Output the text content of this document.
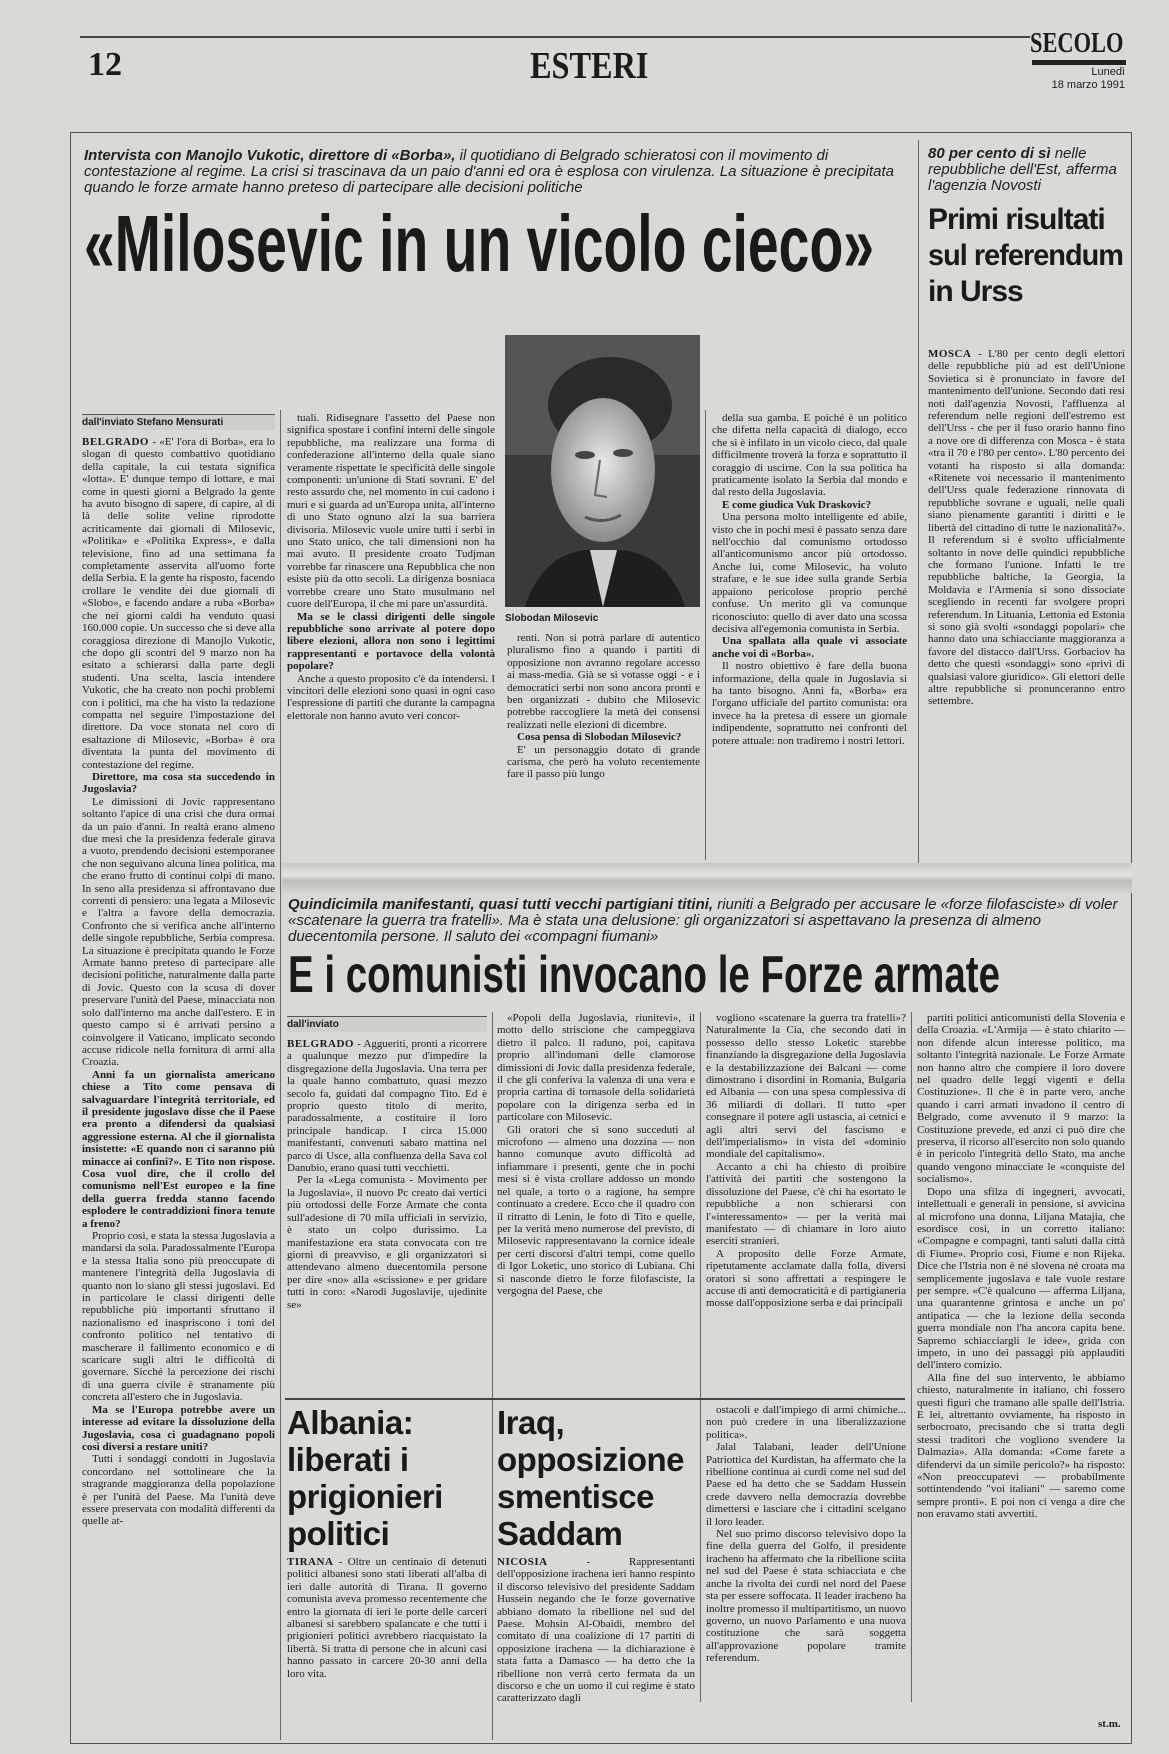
12	ESTERI
SECOLO
Lunedì
18 marzo 1991
Intervista con Manojlo Vukotic, direttore di «Borba», il quotidiano di Belgrado schieratosi con il movimento di contestazione al regime. La crisi si trascinava da un paio d'anni ed ora è esplosa con virulenza. La situazione è precipitata quando le forze armate hanno preteso di partecipare alle decisioni politiche
«Milosevic in un vicolo cieco»
Slobodan Milosevic
dall'inviato Stefano Mensurati

BELGRADO - «E' l'ora di Borba», era lo slogan di questo combattivo quotidiano della capitale, la cui testata significa «lotta». E' dunque tempo di lottare, e mai come in questi giorni a Belgrado la gente ha avuto bisogno di sapere, di capire, al di là delle solite veline riprodotte acriticamente dai giornali di Milosevic, «Politika» e «Politika Express», e dalla televisione, fino ad una settimana fa completamente asservita all'uomo forte della Serbia. E la gente ha risposto, facendo crollare le vendite dei due giornali di «Slobo», e facendo andare a ruba «Borba» che nei giorni caldi ha venduto quasi 160.000 copie. Un successo che si deve alla coraggiosa direzione di Manojlo Vukotic, che dopo gli scontri del 9 marzo non ha esitato a schierarsi dalla parte degli studenti. Una scelta, lascia intendere Vukotic, che ha creato non pochi problemi con i politici, ma che ha visto la redazione compatta nel seguire l'impostazione del direttore. Da voce stonata nel coro di esaltazione di Milosevic, «Borba» è ora diventata la punta del movimento di contestazione del regime.

Direttore, ma cosa sta succedendo in Jugoslavia?

Le dimissioni di Jovic rappresentano soltanto l'apice di una crisi che dura ormai da un paio d'anni. In realtà erano almeno due mesi che la presidenza federale girava a vuoto, prendendo decisioni estemporanee che non seguivano alcuna linea politica, ma che erano frutto di continui colpi di mano. In seno alla presidenza si affrontavano due correnti di pensiero: una legata a Milosevic e l'altra a favore della democrazia. Confronto che si verifica anche all'interno delle singole repubbliche, Serbia compresa. La situazione è precipitata quando le Forze Armate hanno preteso di partecipare alle decisioni politiche, naturalmente dalla parte di Jovic. Questo con la scusa di dover preservare l'unità del Paese, minacciata non solo dall'interno ma anche dall'estero. E in questo campo si è arrivati persino a coinvolgere il Vaticano, implicato secondo accuse ridicole nella fornitura di armi alla Croazia.

Anni fa un giornalista americano chiese a Tito come pensava di salvaguardare l'integrità territoriale, ed il presidente jugoslavo disse che il Paese era pronto a difendersi da qualsiasi aggressione esterna. Al che il giornalista insistette: «E quando non ci saranno più minacce ai confini?». E Tito non rispose. Cosa vuol dire, che il crollo del comunismo nell'Est europeo e la fine della guerra fredda stanno facendo esplodere le contraddizioni finora tenute a freno?

Proprio così, e stata la stessa Jugoslavia a mandarsi da sola. Paradossalmente l'Europa e la stessa Italia sono più preoccupate di mantenere l'integrità della Jugoslavia di quanto non lo siano gli stessi jugoslavi. Ed in particolare le classi dirigenti delle repubbliche più importanti sfruttano il nazionalismo ed inaspriscono i toni del confronto politico nel tentativo di mascherare il fallimento economico e di scaricare sugli altri le difficoltà di governare. Sicché la percezione dei rischi di una guerra civile è stranamente più concreta all'estero che in Jugoslavia.

Ma se l'Europa potrebbe avere un interesse ad evitare la dissoluzione della Jugoslavia, cosa ci guadagnano popoli così diversi a restare uniti?

Tutti i sondaggi condotti in Jugoslavia concordano nel sottolineare che la stragrande maggioranza della popolazione è per l'unità del Paese. Ma l'unità deve essere preservata con modalità differenti da quelle at-

tuali. Ridisegnare l'assetto del Paese non significa spostare i confini interni delle singole repubbliche, ma realizzare una forma di confederazione all'interno della quale siano veramente rispettate le specificità delle singole componenti: un'unione di Stati sovrani. E' del resto assurdo che, nel momento in cui cadono i muri e si guarda ad un'Europa unita, all'interno di uno Stato ognuno alzi la sua barriera divisoria. Milosevic vuole unire tutti i serbi in uno Stato unico, che tali dimensioni non ha mai avuto. Il presidente croato Tudjman vorrebbe far rinascere una Repubblica che non esiste più da otto secoli. La dirigenza bosniaca vorrebbe creare uno Stato musulmano nel cuore dell'Europa, il che mi pare un'assurdità.

Ma se le classi dirigenti delle singole repubbliche sono arrivate al potere dopo libere elezioni, allora non sono i legittimi rappresentanti e portavoce della volontà popolare?

Anche a questo proposito c'è da intendersi. I vincitori delle elezioni sono quasi in ogni caso l'espressione di partiti che durante la campagna elettorale non hanno avuto veri concor-

renti. Non si potrà parlare di autentico pluralismo fino a quando i partiti di opposizione non avranno regolare accesso ai mass-media. Già se si votasse oggi - e i democratici serbi non sono ancora pronti e ben organizzati - dubito che Milosevic potrebbe raccogliere la metà dei consensi realizzati nelle elezioni di dicembre.

Cosa pensa di Slobodan Milosevic?

E' un personaggio dotato di grande carisma, che però ha voluto recentemente fare il passo più lungo

della sua gamba. E poiché è un politico che difetta nella capacità di dialogo, ecco che si è infilato in un vicolo cieco, dal quale difficilmente troverà la forza e soprattutto il coraggio di uscirne. Con la sua politica ha praticamente isolato la Serbia dal mondo e dal resto della Jugoslavia.

E come giudica Vuk Draskovic?

Una persona molto intelligente ed abile, visto che in pochi mesi è passato senza dare nell'occhio dal comunismo ortodosso all'anticomunismo ancor più ortodosso. Anche lui, come Milosevic, ha voluto strafare, e le sue idee sulla grande Serbia appaiono pericolose proprio perché confuse. Un merito gli va comunque riconosciuto: quello di aver dato una scossa decisiva all'egemonia comunista in Serbia.

Una spallata alla quale vi associate anche voi di «Borba».

Il nostro obiettivo è fare della buona informazione, della quale in Jugoslavia si ha tanto bisogno. Anni fa, «Borba» era l'organo ufficiale del partito comunista: ora invece ha la pretesa di essere un giornale indipendente, soprattutto nei confronti del potere attuale: non tradiremo i nostri lettori.

80 per cento di sì nelle repubbliche dell'Est, afferma l'agenzia Novosti
Primi risultati
sul referendum
in Urss

MOSCA - L'80 per cento degli elettori delle repubbliche più ad est dell'Unione Sovietica si è pronunciato in favore del mantenimento dell'unione. Secondo dati resi noti dall'agenzia Novosti, l'affluenza al referendum nelle regioni dell'estremo est dell'Urss - che per il fuso orario hanno fino a nove ore di differenza con Mosca - è stata «tra il 70 e l'80 per cento». L'80 percento dei votanti ha risposto sì alla domanda: «Ritenete voi necessario il mantenimento dell'Urss quale federazione rinnovata di repubbliche sovrane e uguali, nelle quali siano pienamente garantiti i diritti e le libertà del cittadino di tutte le nazionalità?». Il referendum si è svolto ufficialmente soltanto in nove delle quindici repubbliche che formano l'unione. Infatti le tre repubbliche baltiche, la Georgia, la Moldavia e l'Armenia si sono dissociate scegliendo in recenti far svolgere propri referendum. In Lituania, Lettonia ed Estonia si sono già svolti «sondaggi popolari» che hanno dato una schiacciante maggioranza a favore del distacco dall'Urss. Gorbaciov ha detto che questi «sondaggi» sono «privi di qualsiasi valore giuridico». Gli elettori delle altre repubbliche si pronunceranno entro settembre.

Quindicimila manifestanti, quasi tutti vecchi partigiani titini, riuniti a Belgrado per accusare le «forze filofasciste» di voler «scatenare la guerra tra fratelli». Ma è stata una delusione: gli organizzatori si aspettavano la presenza di almeno duecentomila persone. Il saluto dei «compagni fiumani»
E i comunisti invocano le Forze armate
dall'inviato

BELGRADO - Aggueriti, pronti a ricorrere a qualunque mezzo pur d'impedire la disgregazione della Jugoslavia. Una terra per la quale hanno combattuto, quasi mezzo secolo fa, guidati dal compagno Tito. Ed è proprio questo titolo di merito, paradossalmente, a costituire il loro principale handicap. I circa 15.000 manifestanti, convenuti sabato mattina nel parco di Usce, alla confluenza della Sava col Danubio, erano quasi tutti vecchietti.

Per la «Lega comunista - Movimento per la Jugoslavia», il nuovo Pc creato dai vertici più ortodossi delle Forze Armate che conta sull'adesione di 70 mila ufficiali in servizio, è stato un colpo durissimo. La manifestazione era stata convocata con tre giorni di preavviso, e gli organizzatori si attendevano almeno duecentomila persone per dire «no» alla «scissione» e per gridare tutti in coro: «Narodi Jugoslavije, ujedinite se»

«Popoli della Jugoslavia, riunitevi», il motto dello striscione che campeggiava dietro il palco. Il raduno, poi, capitava proprio all'indomani delle clamorose dimissioni di Jovic dalla presidenza federale, il che gli conferiva la valenza di una vera e propria cartina di tornasole della solidarietà popolare con la dirigenza serba ed in particolare con Milosevic.

Gli oratori che si sono succeduti al microfono — almeno una dozzina — non hanno comunque avuto difficoltà ad infiammare i presenti, gente che in pochi mesi si è vista crollare addosso un mondo nel quale, a torto o a ragione, ha sempre continuato a credere. Ecco che il quadro con il ritratto di Lenin, le foto di Tito e quelle, per la verità meno numerose del previsto, di Milosevic rappresentavano la cornice ideale per certi discorsi d'altri tempi, come quello di Igor Loketic, uno storico di Lubiana. Chi si nasconde dietro le forze filofasciste, la vergogna del Paese, che

vogliono «scatenare la guerra tra fratelli»? Naturalmente la Cia, che secondo dati in possesso dello stesso Loketic starebbe finanziando la disgregazione della Jugoslavia e la destabilizzazione dei Balcani — come dimostrano i disordini in Romania, Bulgaria ed Albania — con una spesa complessiva di 36 miliardi di dollari. Il tutto «per consegnare il potere agli ustascia, ai cetnici e agli altri servi del fascismo e dell'imperialismo» in vista del «dominio mondiale del capitalismo».

Accanto a chi ha chiesto di proibire l'attività dei partiti che sostengono la dissoluzione del Paese, c'è chi ha esortato le repubbliche a non schierarsi con l'«interessamento» — per la verità mai manifestato — di chiamare in loro aiuto eserciti stranieri.

A proposito delle Forze Armate, ripetutamente acclamate dalla folla, diversi oratori si sono affrettati a respingere le accuse di anti democraticità e di partigianeria mosse dall'opposizione serba e dai principali

partiti politici anticomunisti della Slovenia e della Croazia. «L'Armija — è stato chiarito — non difende alcun interesse politico, ma soltanto l'integrità nazionale. Le Forze Armate non hanno altro che compiere il loro dovere nel quadro delle leggi vigenti e della Costituzione». Il che è in parte vero, anche quando i carri armati invadono il centro di Belgrado, come avvenuto il 9 marzo: la Costituzione prevede, ed anzi ci può dire che preserva, il ricorso all'esercito non solo quando è in pericolo l'integrità dello Stato, ma anche quando vengono minacciate le «conquiste del socialismo».

Dopo una sfilza di ingegneri, avvocati, intellettuali e generali in pensione, si avvicina al microfono una donna, Liljana Matajia, che esordisce così, in un corretto italiano: «Compagne e compagni, tanti saluti dalla città di Fiume». Proprio così, Fiume e non Rijeka. Dice che l'Istria non è né slovena né croata ma semplicemente jugoslava e tale vuole restare per sempre. «C'è qualcuno — afferma Liljana, una quarantenne grintosa e anche un po' antipatica — che la lezione della seconda guerra mondiale non l'ha ancora capita bene. Sapremo schiacciargli le idee», grida con impeto, in uno dei passaggi più applauditi dell'intero comizio.

Alla fine del suo intervento, le abbiamo chiesto, naturalmente in italiano, chi fossero questi figuri che tramano alle spalle dell'Istria. E lei, altrettanto ovviamente, ha risposto in serbocroato, precisando che si tratta degli stessi traditori che vogliono svendere la Dalmazia». Alla domanda: «Come farete a difendervi da un simile pericolo?» ha risposto: «Non preoccupatevi — probabilmente sottintendendo "voi italiani" — saremo come sempre pronti». E poi non ci venga a dire che non eravamo stati avvertiti.

st.m.
Albania:
liberati i
prigionieri
politici

TIRANA - Oltre un centinaio di detenuti politici albanesi sono stati liberati all'alba di ieri dalle autorità di Tirana. Il governo comunista aveva promesso recentemente che entro la giornata di ieri le porte delle carceri albanesi si sarebbero spalancate e che tutti i prigionieri politici avrebbero riacquistato la libertà. Si tratta di persone che in alcuni casi hanno passato in carcere 20-30 anni della loro vita.

Iraq,
opposizione
smentisce
Saddam

NICOSIA - Rappresentanti dell'opposizione irachena ieri hanno respinto il discorso televisivo del presidente Saddam Hussein negando che le forze governative abbiano domato la ribellione nel sud del Paese. Mohsin Al-Obaidi, membro del comitato di una coalizione di 17 partiti di opposizione irachena — la dichiarazione è stata fatta a Damasco — ha detto che la ribellione non verrà certo fermata da un discorso e che un uomo il cui regime è stato caratterizzato dagli

ostacoli e dall'impiego di armi chimiche... non può credere in una liberalizzazione politica».

Jalal Talabani, leader dell'Unione Patriottica del Kurdistan, ha affermato che la ribellione continua ai curdi come nel sud del Paese ed ha detto che se Saddam Hussein crede davvero nella democrazia dovrebbe dimettersi e lasciare che i cittadini scelgano il loro leader.

Nel suo primo discorso televisivo dopo la fine della guerra del Golfo, il presidente iracheno ha affermato che la ribellione sciita nel sud del Paese è stata schiacciata e che anche la rivolta dei curdi nel nord del Paese sta per essere soffocata. Il leader iracheno ha inoltre promesso il multipartitismo, un nuovo governo, un nuovo Parlamento e una nuova costituzione che sarà soggetta all'approvazione popolare tramite referendum.
